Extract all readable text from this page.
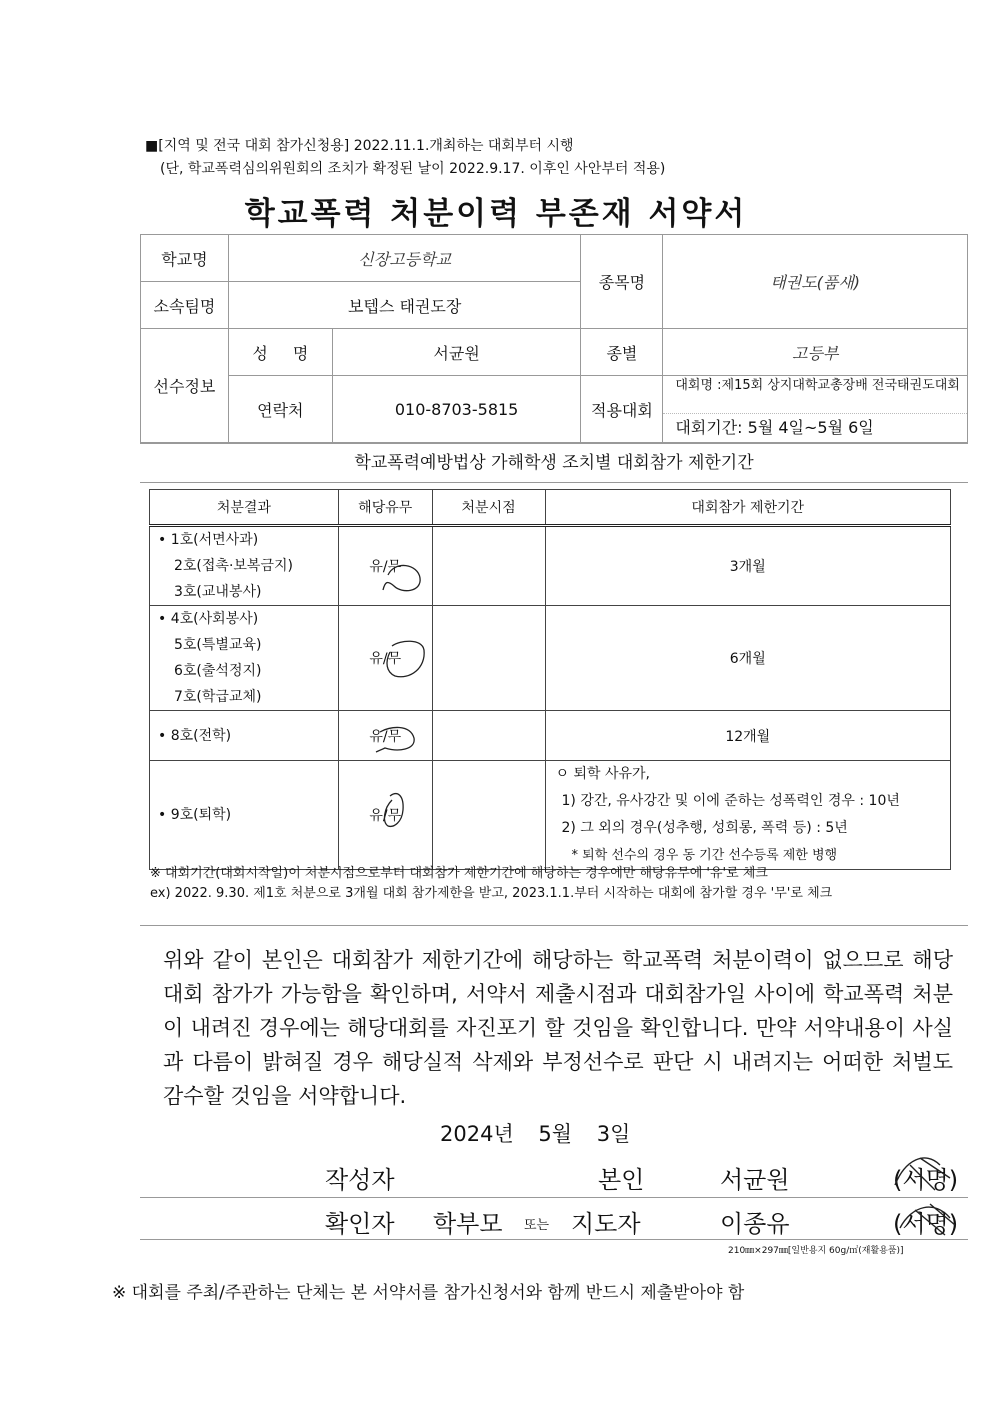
■[지역 및 전국 대회 참가신청용] 2022.11.1.개최하는 대회부터 시행
(단, 학교폭력심의위원회의 조치가 확정된 날이 2022.9.17. 이후인 사안부터 적용)
학교폭력 처분이력 부존재 서약서
학교명	신장고등학교		종목명	태권도(품새)
소속팀명	보텝스 태권도장			
선수정보	성 명	서균원	종별	고등부
	연락처	010-8703-5815	적용대회	대회명 :제15회 상지대학교총장배 전국태권도대회
대회기간: 5월 4일~5월 6일
학교폭력예방법상 가해학생 조치별 대회참가 제한기간
처분결과	해당유무	처분시점	대회참가 제한기간

• 1호(서면사과)
2호(접촉·보복금지)
3호(교내봉사)	유/무		3개월

• 4호(사회봉사)
5호(특별교육)
6호(출석정지)
7호(학급교체)	유/무		6개월

• 8호(전학)	유/무		12개월

• 9호(퇴학)	유/무		ㅇ 퇴학 사유가,
1) 강간, 유사강간 및 이에 준하는 성폭력인 경우 : 10년
2) 그 외의 경우(성추행, 성희롱, 폭력 등) : 5년
* 퇴학 선수의 경우 동 기간 선수등록 제한 병행
※ 대회기간(대회시작일)이 처분시점으로부터 대회참가 제한기간에 해당하는 경우에만 해당유무에 '유'로 체크
ex) 2022. 9.30. 제1호 처분으로 3개월 대회 참가제한을 받고, 2023.1.1.부터 시작하는 대회에 참가할 경우 '무'로 체크
위와 같이 본인은 대회참가 제한기간에 해당하는 학교폭력 처분이력이 없으므로 해당 대회 참가가 가능함을 확인하며, 서약서 제출시점과 대회참가일 사이에 학교폭력 처분이 내려진 경우에는 해당대회를 자진포기 할 것임을 확인합니다. 만약 서약내용이 사실과 다름이 밝혀질 경우 해당실적 삭제와 부정선수로 판단 시 내려지는 어떠한 처벌도 감수할 것임을 서약합니다.
2024년 5월 3일
작성자	본인	서균원	(서명)
확인자 학부모 또는 지도자	이종유	(서명)
210㎜×297㎜[일반용지 60g/㎡(재활용품)]
※ 대회를 주최/주관하는 단체는 본 서약서를 참가신청서와 함께 반드시 제출받아야 함
